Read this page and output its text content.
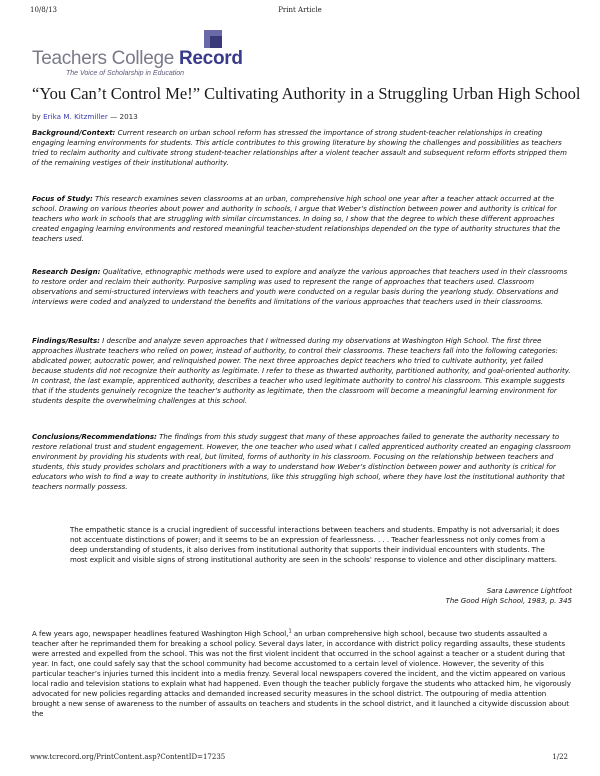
10/8/13	Print Article
Teachers College Record
The Voice of Scholarship in Education
“You Can’t Control Me!” Cultivating Authority in a Struggling Urban High School
by Erika M. Kitzmiller — 2013
Background/Context: Current research on urban school reform has stressed the importance of strong student-teacher relationships in creating engaging learning environments for students. This article contributes to this growing literature by showing the challenges and possibilities as teachers tried to reclaim authority and cultivate strong student-teacher relationships after a violent teacher assault and subsequent reform efforts stripped them of the remaining vestiges of their institutional authority.
Focus of Study: This research examines seven classrooms at an urban, comprehensive high school one year after a teacher attack occurred at the school. Drawing on various theories about power and authority in schools, I argue that Weber’s distinction between power and authority is critical for teachers who work in schools that are struggling with similar circumstances. In doing so, I show that the degree to which these different approaches created engaging learning environments and restored meaningful teacher-student relationships depended on the type of authority structures that the teachers used.
Research Design: Qualitative, ethnographic methods were used to explore and analyze the various approaches that teachers used in their classrooms to restore order and reclaim their authority. Purposive sampling was used to represent the range of approaches that teachers used. Classroom observations and semi-structured interviews with teachers and youth were conducted on a regular basis during the yearlong study. Observations and interviews were coded and analyzed to understand the benefits and limitations of the various approaches that teachers used in their classrooms.
Findings/Results: I describe and analyze seven approaches that I witnessed during my observations at Washington High School. The first three approaches illustrate teachers who relied on power, instead of authority, to control their classrooms. These teachers fall into the following categories: abdicated power, autocratic power, and relinquished power. The next three approaches depict teachers who tried to cultivate authority, yet failed because students did not recognize their authority as legitimate. I refer to these as thwarted authority, partitioned authority, and goal-oriented authority. In contrast, the last example, apprenticed authority, describes a teacher who used legitimate authority to control his classroom. This example suggests that if the students genuinely recognize the teacher’s authority as legitimate, then the classroom will become a meaningful learning environment for students despite the overwhelming challenges at this school.
Conclusions/Recommendations: The findings from this study suggest that many of these approaches failed to generate the authority necessary to restore relational trust and student engagement. However, the one teacher who used what I called apprenticed authority created an engaging classroom environment by providing his students with real, but limited, forms of authority in his classroom. Focusing on the relationship between teachers and students, this study provides scholars and practitioners with a way to understand how Weber’s distinction between power and authority is critical for educators who wish to find a way to create authority in institutions, like this struggling high school, where they have lost the institutional authority that teachers normally possess.
The empathetic stance is a crucial ingredient of successful interactions between teachers and students. Empathy is not adversarial; it does not accentuate distinctions of power; and it seems to be an expression of fearlessness. . . . Teacher fearlessness not only comes from a deep understanding of students, it also derives from institutional authority that supports their individual encounters with students. The most explicit and visible signs of strong institutional authority are seen in the schools’ response to violence and other disciplinary matters.
Sara Lawrence Lightfoot
The Good High School, 1983, p. 345
A few years ago, newspaper headlines featured Washington High School,$^1$ an urban comprehensive high school, because two students assaulted a teacher after he reprimanded them for breaking a school policy. Several days later, in accordance with district policy regarding assaults, these students were arrested and expelled from the school. This was not the first violent incident that occurred in the school against a teacher or a student during that year. In fact, one could safely say that the school community had become accustomed to a certain level of violence. However, the severity of this particular teacher’s injuries turned this incident into a media frenzy. Several local newspapers covered the incident, and the victim appeared on various local radio and television stations to explain what had happened. Even though the teacher publicly forgave the students who attacked him, he vigorously advocated for new policies regarding attacks and demanded increased security measures in the school district. The outpouring of media attention brought a new sense of awareness to the number of assaults on teachers and students in the school district, and it launched a citywide discussion about the
www.tcrecord.org/PrintContent.asp?ContentID=17235	1/22
